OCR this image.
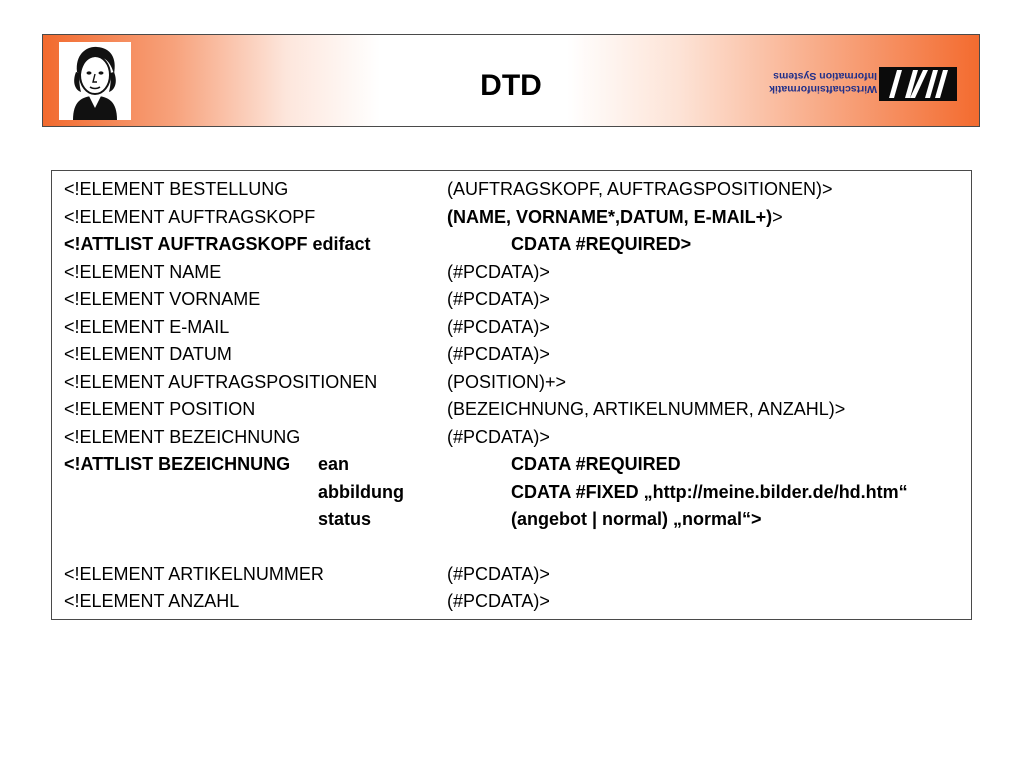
DTD	Wirtschaftsinformatik
Information Systems
<!ELEMENT BESTELLUNG	(AUFTRAGSKOPF, AUFTRAGSPOSITIONEN)>
<!ELEMENT AUFTRAGSKOPF	(NAME, VORNAME*,DATUM, E-MAIL+)>
<!ATTLIST AUFTRAGSKOPF edifact	CDATA #REQUIRED>
<!ELEMENT NAME	(#PCDATA)>
<!ELEMENT VORNAME	(#PCDATA)>
<!ELEMENT E-MAIL	(#PCDATA)>
<!ELEMENT DATUM	(#PCDATA)>
<!ELEMENT AUFTRAGSPOSITIONEN	(POSITION)+>
<!ELEMENT POSITION	(BEZEICHNUNG, ARTIKELNUMMER, ANZAHL)>
<!ELEMENT BEZEICHNUNG	(#PCDATA)>
<!ATTLIST BEZEICHNUNG ean	CDATA #REQUIRED
abbildung	CDATA #FIXED „http://meine.bilder.de/hd.htm“
status	(angebot | normal) „normal“>
<!ELEMENT ARTIKELNUMMER	(#PCDATA)>
<!ELEMENT ANZAHL	(#PCDATA)>
